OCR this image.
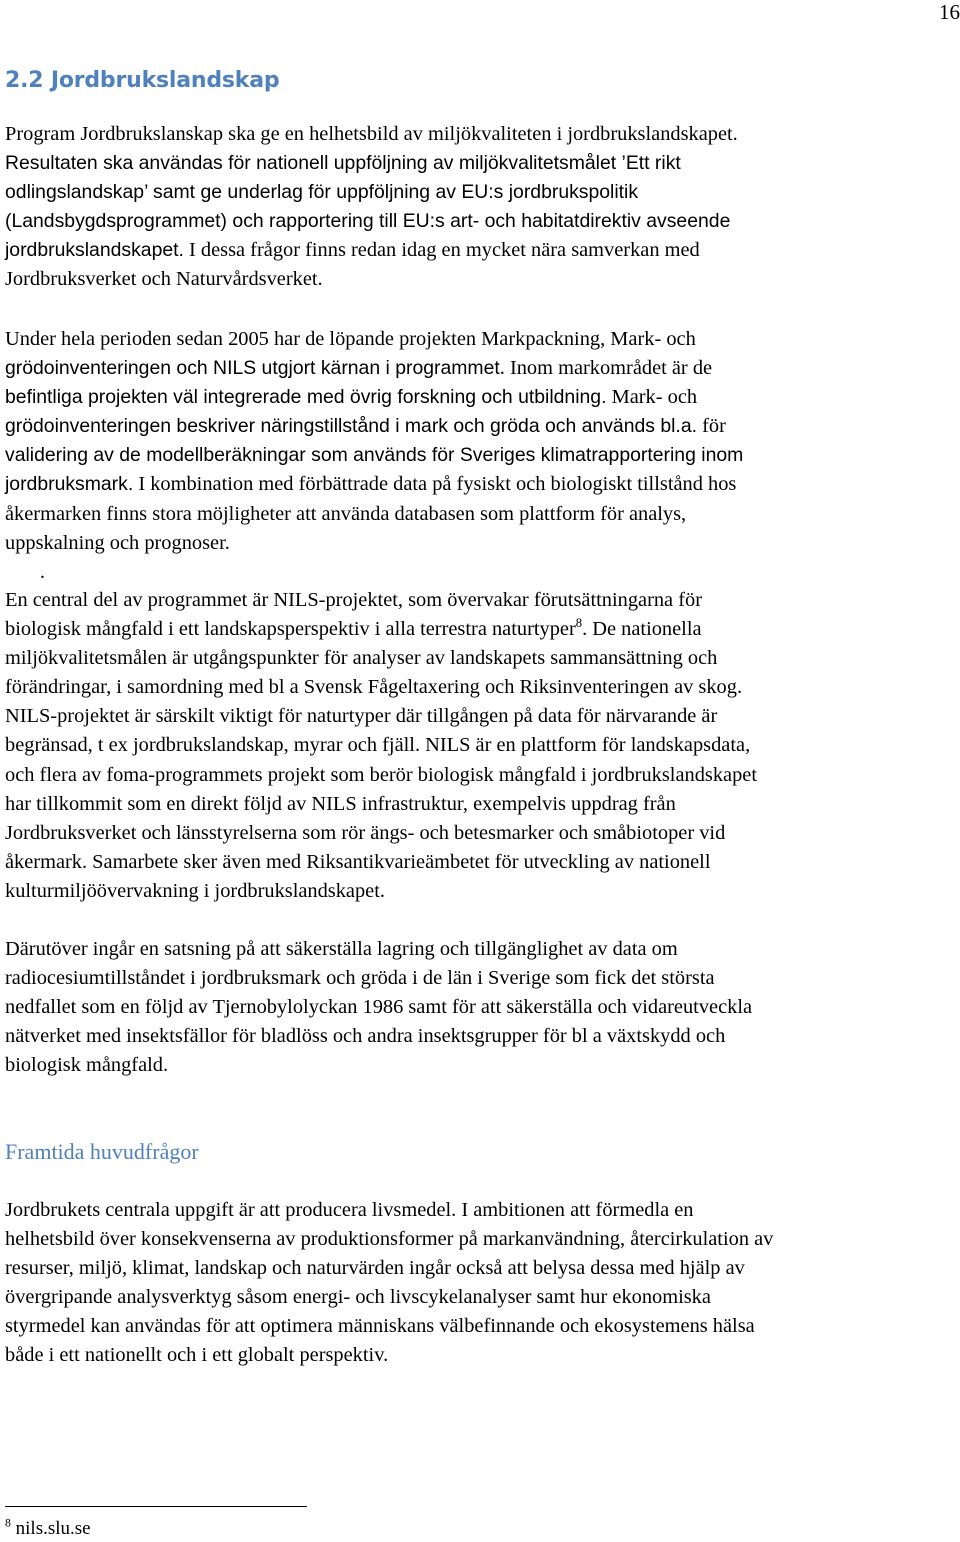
16
2.2 Jordbrukslandskap

Program Jordbrukslanskap ska ge en helhetsbild av miljökvaliteten i jordbrukslandskapet.
Resultaten ska användas för nationell uppföljning av miljökvalitetsmålet ’Ett rikt
odlingslandskap’ samt ge underlag för uppföljning av EU:s jordbrukspolitik
(Landsbygdsprogrammet) och rapportering till EU:s art- och habitatdirektiv avseende
jordbrukslandskapet. I dessa frågor finns redan idag en mycket nära samverkan med
Jordbruksverket och Naturvårdsverket.

Under hela perioden sedan 2005 har de löpande projekten Markpackning, Mark- och
grödoinventeringen och NILS utgjort kärnan i programmet. Inom markområdet är de
befintliga projekten väl integrerade med övrig forskning och utbildning. Mark- och
grödoinventeringen beskriver näringstillstånd i mark och gröda och används bl.a. för
validering av de modellberäkningar som används för Sveriges klimatrapportering inom
jordbruksmark. I kombination med förbättrade data på fysiskt och biologiskt tillstånd hos
åkermarken finns stora möjligheter att använda databasen som plattform för analys,
uppskalning och prognoser.

.

En central del av programmet är NILS-projektet, som övervakar förutsättningarna för
biologisk mångfald i ett landskapsperspektiv i alla terrestra naturtyper$^8$. De nationella
miljökvalitetsmålen är utgångspunkter för analyser av landskapets sammansättning och
förändringar, i samordning med bl a Svensk Fågeltaxering och Riksinventeringen av skog.
NILS-projektet är särskilt viktigt för naturtyper där tillgången på data för närvarande är
begränsad, t ex jordbrukslandskap, myrar och fjäll. NILS är en plattform för landskapsdata,
och flera av foma-programmets projekt som berör biologisk mångfald i jordbrukslandskapet
har tillkommit som en direkt följd av NILS infrastruktur, exempelvis uppdrag från
Jordbruksverket och länsstyrelserna som rör ängs- och betesmarker och småbiotoper vid
åkermark. Samarbete sker även med Riksantikvarieämbetet för utveckling av nationell
kulturmiljöövervakning i jordbrukslandskapet.

Därutöver ingår en satsning på att säkerställa lagring och tillgänglighet av data om
radiocesiumtillståndet i jordbruksmark och gröda i de län i Sverige som fick det största
nedfallet som en följd av Tjernobylolyckan 1986 samt för att säkerställa och vidareutveckla
nätverket med insektsfällor för bladlöss och andra insektsgrupper för bl a växtskydd och
biologisk mångfald.

Framtida huvudfrågor

Jordbrukets centrala uppgift är att producera livsmedel. I ambitionen att förmedla en
helhetsbild över konsekvenserna av produktionsformer på markanvändning, återcirkulation av
resurser, miljö, klimat, landskap och naturvärden ingår också att belysa dessa med hjälp av
övergripande analysverktyg såsom energi- och livscykelanalyser samt hur ekonomiska
styrmedel kan användas för att optimera människans välbefinnande och ekosystemens hälsa
både i ett nationellt och i ett globalt perspektiv.

$^8$ nils.slu.se
